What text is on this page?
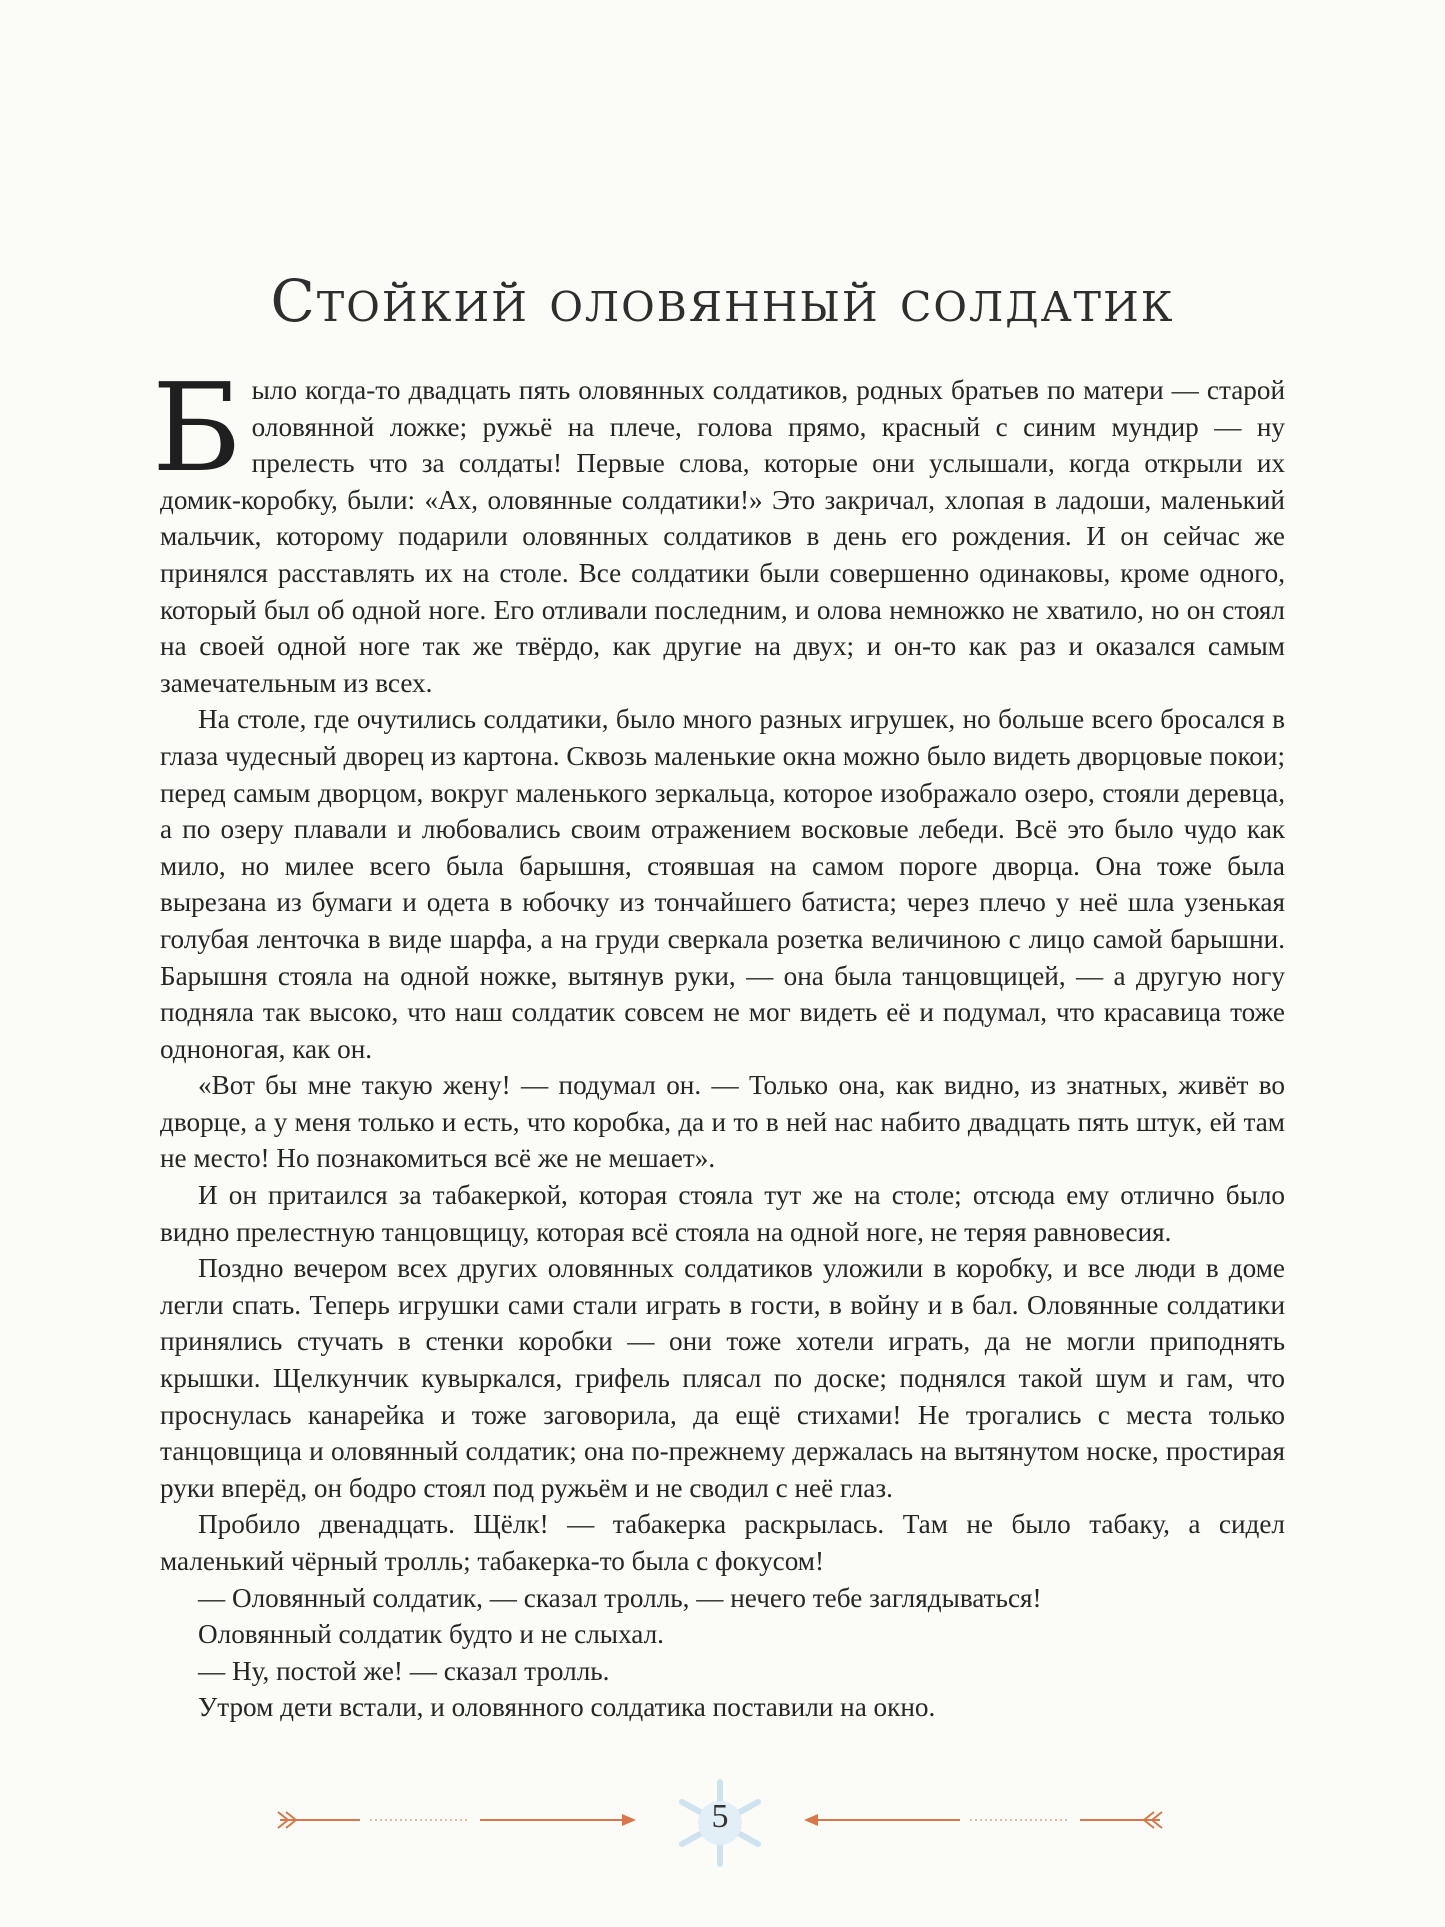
Стойкий оловянный солдатик

Было когда-то двадцать пять оловянных солдатиков, родных братьев по матери — старой оловянной ложке; ружьё на плече, голова прямо, красный с синим мундир — ну прелесть что за солдаты! Первые слова, которые они услышали, когда открыли их домик-коробку, были: «Ах, оловянные солдатики!» Это закричал, хлопая в ладоши, маленький мальчик, которому подарили оловянных солдатиков в день его рождения. И он сейчас же принялся расставлять их на столе. Все солдатики были совершенно одинаковы, кроме одного, который был об одной ноге. Его отливали последним, и олова немножко не хватило, но он стоял на своей одной ноге так же твёрдо, как другие на двух; и он-то как раз и оказался самым замечательным из всех.

На столе, где очутились солдатики, было много разных игрушек, но больше всего бросался в глаза чудесный дворец из картона. Сквозь маленькие окна можно было видеть дворцовые покои; перед самым дворцом, вокруг маленького зеркальца, которое изображало озеро, стояли деревца, а по озеру плавали и любовались своим отражением восковые лебеди. Всё это было чудо как мило, но милее всего была барышня, стоявшая на самом пороге дворца. Она тоже была вырезана из бумаги и одета в юбочку из тончайшего батиста; через плечо у неё шла узенькая голубая ленточка в виде шарфа, а на груди сверкала розетка величиною с лицо самой барышни. Барышня стояла на одной ножке, вытянув руки, — она была танцовщицей, — а другую ногу подняла так высоко, что наш солдатик совсем не мог видеть её и подумал, что красавица тоже одноногая, как он.

«Вот бы мне такую жену! — подумал он. — Только она, как видно, из знатных, живёт во дворце, а у меня только и есть, что коробка, да и то в ней нас набито двадцать пять штук, ей там не место! Но познакомиться всё же не мешает».

И он притаился за табакеркой, которая стояла тут же на столе; отсюда ему отлично было видно прелестную танцовщицу, которая всё стояла на одной ноге, не теряя равновесия.

Поздно вечером всех других оловянных солдатиков уложили в коробку, и все люди в доме легли спать. Теперь игрушки сами стали играть в гости, в войну и в бал. Оловянные солдатики принялись стучать в стенки коробки — они тоже хотели играть, да не могли приподнять крышки. Щелкунчик кувыркался, грифель плясал по доске; поднялся такой шум и гам, что проснулась канарейка и тоже заговорила, да ещё стихами! Не трогались с места только танцовщица и оловянный солдатик; она по-прежнему держалась на вытянутом носке, простирая руки вперёд, он бодро стоял под ружьём и не сводил с неё глаз.

Пробило двенадцать. Щёлк! — табакерка раскрылась. Там не было табаку, а сидел маленький чёрный тролль; табакерка-то была с фокусом!

— Оловянный солдатик, — сказал тролль, — нечего тебе заглядываться!

Оловянный солдатик будто и не слыхал.

— Ну, постой же! — сказал тролль.

Утром дети встали, и оловянного солдатика поставили на окно.

5
